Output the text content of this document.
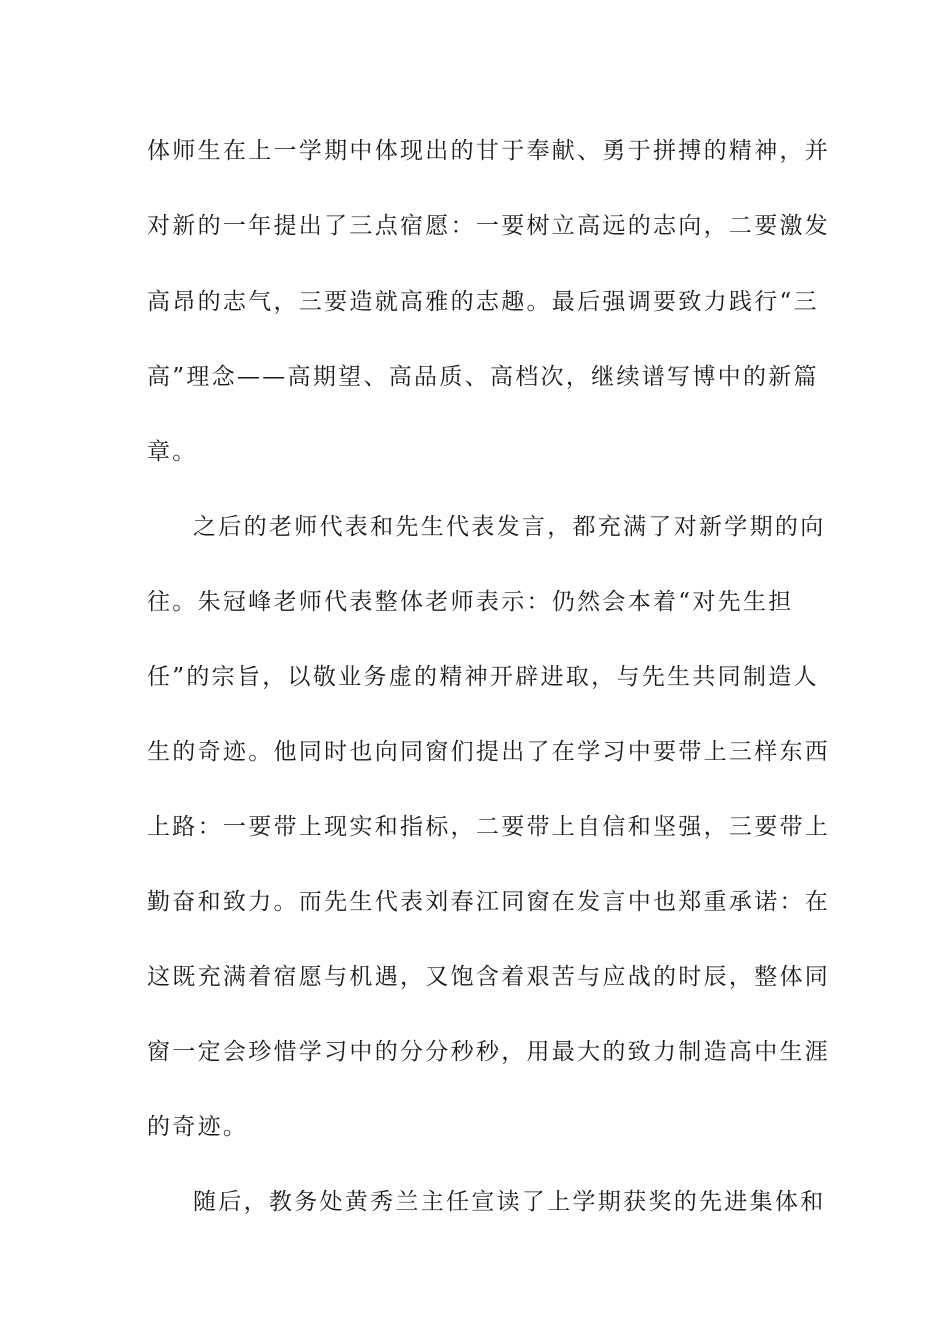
体师生在上一学期中体现出的甘于奉献、勇于拼搏的精神，并
对新的一年提出了三点宿愿：一要树立高远的志向，二要激发
高昂的志气，三要造就高雅的志趣。最后强调要致力践行“三
高”理念——高期望、高品质、高档次，继续谱写博中的新篇
章。
之后的老师代表和先生代表发言，都充满了对新学期的向
往。朱冠峰老师代表整体老师表示：仍然会本着“对先生担
任”的宗旨，以敬业务虚的精神开辟进取，与先生共同制造人
生的奇迹。他同时也向同窗们提出了在学习中要带上三样东西
上路：一要带上现实和指标，二要带上自信和坚强，三要带上
勤奋和致力。而先生代表刘春江同窗在发言中也郑重承诺：在
这既充满着宿愿与机遇，又饱含着艰苦与应战的时辰，整体同
窗一定会珍惜学习中的分分秒秒，用最大的致力制造高中生涯
的奇迹。
随后，教务处黄秀兰主任宣读了上学期获奖的先进集体和
